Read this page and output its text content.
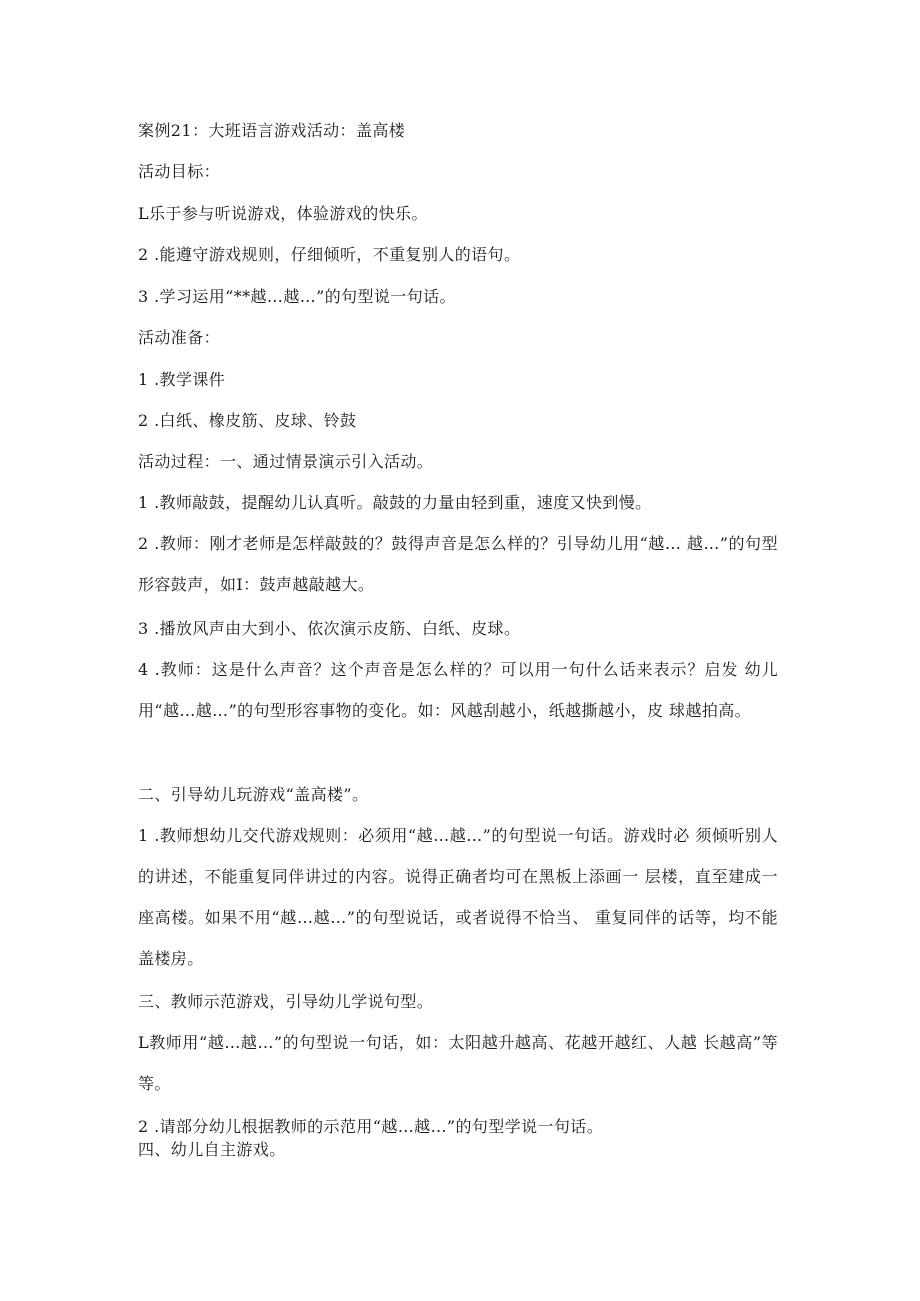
案例21：大班语言游戏活动：盖高楼
活动目标：
L乐于参与听说游戏，体验游戏的快乐。
2 .能遵守游戏规则，仔细倾听，不重复别人的语句。
3 .学习运用“**越…越…”的句型说一句话。
活动准备：
1 .教学课件
2 .白纸、橡皮筋、皮球、铃鼓
活动过程：一、通过情景演示引入活动。
1 .教师敲鼓，提醒幼儿认真听。敲鼓的力量由轻到重，速度又快到慢。
2 .教师：刚才老师是怎样敲鼓的？鼓得声音是怎么样的？引导幼儿用“越… 越…”的句型形容鼓声，如I：鼓声越敲越大。
3 .播放风声由大到小、依次演示皮筋、白纸、皮球。
4 .教师：这是什么声音？这个声音是怎么样的？可以用一句什么话来表示？启发 幼儿用“越…越…”的句型形容事物的变化。如：风越刮越小，纸越撕越小，皮 球越拍高。
二、引导幼儿玩游戏“盖高楼”。
1 .教师想幼儿交代游戏规则：必须用“越…越…”的句型说一句话。游戏时必 须倾听别人的讲述，不能重复同伴讲过的内容。说得正确者均可在黑板上添画一 层楼，直至建成一座高楼。如果不用“越…越…”的句型说话，或者说得不恰当、 重复同伴的话等，均不能盖楼房。
三、教师示范游戏，引导幼儿学说句型。
L教师用“越…越…”的句型说一句话，如：太阳越升越高、花越开越红、人越 长越高”等等。
2 .请部分幼儿根据教师的示范用“越…越…”的句型学说一句话。
四、幼儿自主游戏。
